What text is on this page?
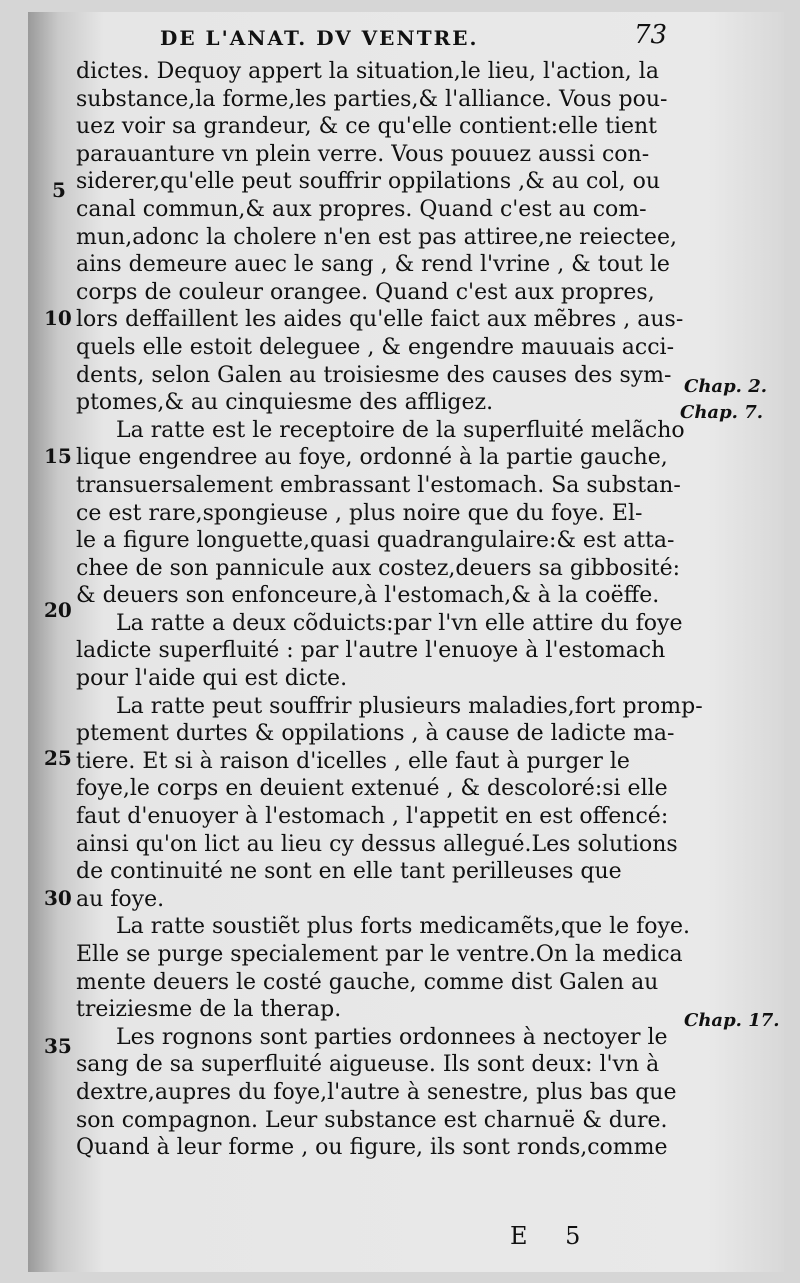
DE L'ANAT. DV VENTRE.	73
dictes. Dequoy appert la situation,le lieu, l'action, la
substance,la forme,les parties,& l'alliance. Vous pou-
uez voir sa grandeur, & ce qu'elle contient:elle tient
parauanture vn plein verre. Vous pouuez aussi con-
siderer,qu'elle peut souffrir oppilations ,& au col, ou
canal commun,& aux propres. Quand c'est au com-
mun,adonc la cholere n'en est pas attiree,ne reiectee,
ains demeure auec le sang , & rend l'vrine , & tout le
corps de couleur orangee. Quand c'est aux propres,
lors deffaillent les aides qu'elle faict aux mẽbres , aus-
quels elle estoit deleguee , & engendre mauuais acci-
dents, selon Galen au troisiesme des causes des sym-
ptomes,& au cinquiesme des affligez.
La ratte est le receptoire de la superfluité melãcho
lique engendree au foye, ordonné à la partie gauche,
transuersalement embrassant l'estomach. Sa substan-
ce est rare,spongieuse , plus noire que du foye. El-
le a figure longuette,quasi quadrangulaire:& est atta-
chee de son pannicule aux costez,deuers sa gibbosité:
& deuers son enfonceure,à l'estomach,& à la coëffe.
La ratte a deux cõduicts:par l'vn elle attire du foye
ladicte superfluité : par l'autre l'enuoye à l'estomach
pour l'aide qui est dicte.
La ratte peut souffrir plusieurs maladies,fort promp-
ptement durtes & oppilations , à cause de ladicte ma-
tiere. Et si à raison d'icelles , elle faut à purger le
foye,le corps en deuient extenué , & descoloré:si elle
faut d'enuoyer à l'estomach , l'appetit en est offencé:
ainsi qu'on lict au lieu cy dessus allegué.Les solutions
de continuité ne sont en elle tant perilleuses que
au foye.
La ratte soustiẽt plus forts medicamẽts,que le foye.
Elle se purge specialement par le ventre.On la medica
mente deuers le costé gauche, comme dist Galen au
treiziesme de la therap.
Les rognons sont parties ordonnees à nectoyer le
sang de sa superfluité aigueuse. Ils sont deux: l'vn à
dextre,aupres du foye,l'autre à senestre, plus bas que
son compagnon. Leur substance est charnuë & dure.
Quand à leur forme , ou figure, ils sont ronds,comme
5
10
15
20
25
30
35
Chap. 2.
Chap. 7.
Chap. 17.
E 5
